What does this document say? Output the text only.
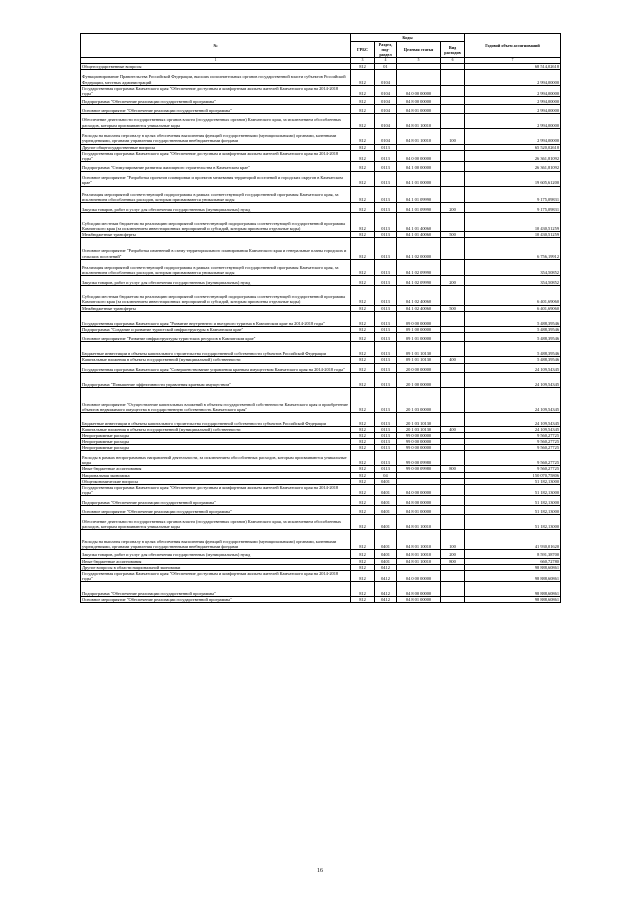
№	Коды				Годовой объем ассигнований
	ГРБС	Раздел, под-раздел	Целевая статья	Вид расходов	
1	3	4	5	6	7
Общегосударственные вопросы	812	01			68 514,02618
Функционирование Правительства Российской Федерации, высших исполнительных органов государственной власти субъектов Российской Федерации, местных администраций	812	0104			2 994,00000
Государственная программа Камчатского края "Обеспечение доступным и комфортным жильем жителей Камчатского края на 2014-2018 годы"	812	0104	04 0 00 00000		2 994,00000
Подпрограмма "Обеспечение реализации государственной программы"	812	0104	04 8 00 00000		2 994,00000
Основное мероприятие "Обеспечение реализации государственной программы"	812	0104	04 8 01 00000		2 994,00000
Обеспечение деятельности государственных органов власти (государственных органов) Камчатского края, за исключением обособленных расходов, которым присваиваются уникальные коды	812	0104	04 8 01 10010		2 994,00000
Расходы на выплаты персоналу в целях обеспечения выполнения функций государственными (муниципальными) органами, казенными учреждениями, органами управления государственными внебюджетными фондами	812	0104	04 8 01 10010	100	2 994,00000
Другие общегосударственные вопросы	812	0113			65 520,02618
Государственная программа Камчатского края "Обеспечение доступным и комфортным жильем жителей Камчатского края на 2014-2018 годы"	812	0113	04 0 00 00000		26 361,81092
Подпрограмма "Стимулирование развития жилищного строительства в Камчатском крае"	812	0113	04 1 00 00000		26 361,81092
Основное мероприятие "Разработка проектов планировки и проектов межевания территорий поселений и городских округов в Камчатском крае"	812	0113	04 1 01 00000		19 605,61200
Реализация мероприятий соответствующей подпрограммы в рамках соответствующей государственной программы Камчатского края, за исключением обособленных расходов, которым присваиваются уникальные коды	812	0113	04 1 01 09990		9 175,09831
Закупка товаров, работ и услуг для обеспечения государственных (муниципальных) нужд	812	0113	04 1 01 09990	200	9 175,09831
Субсидии местным бюджетам на реализацию мероприятий соответствующей подпрограммы соответствующей государственной программы Камчатского края (за исключением инвестиционных мероприятий и субсидий, которым присвоены отдельные коды)	812	0113	04 1 01 40060		10 430,51259
Межбюджетные трансферты	812	0113	04 1 01 40060	500	10 430,51259
Основное мероприятие "Разработка изменений в схему территориального планирования Камчатского края и генеральные планы городских и сельских поселений"	812	0113	04 1 02 00000		6 756,19912
Реализация мероприятий соответствующей подпрограммы в рамках соответствующей государственной программы Камчатского края, за исключением обособленных расходов, которым присваиваются уникальные коды	812	0113	04 1 02 09990		354,50852
Закупка товаров, работ и услуг для обеспечения государственных (муниципальных) нужд	812	0113	04 1 02 09990	200	354,50852
Субсидии местным бюджетам на реализацию мероприятий соответствующей подпрограммы соответствующей государственной программы Камчатского края (за исключением инвестиционных мероприятий и субсидий, которым присвоены отдельные коды)	812	0113	04 1 02 40060		6 401,69060
Межбюджетные трансферты	812	0113	04 1 02 40060	500	6 401,69060
Государственная программа Камчатского края "Развитие внутреннего и въездного туризма в Камчатском крае на 2014-2018 годы"	812	0113	09 0 00 00000		5 488,39546
Подпрограмма "Создание и развитие туристской инфраструктуры в Камчатском крае"	812	0113	09 1 00 00000		5 488,39546
Основное мероприятие "Развитие инфраструктуры туристских ресурсов в Камчатском крае"	812	0113	09 1 01 00000		5 488,39546
Бюджетные инвестиции в объекты капитального строительства государственной собственности субъектов Российской Федерации	812	0113	09 1 01 10130		5 488,39546
Капитальные вложения в объекты государственной (муниципальной) собственности	812	0113	09 1 01 10130	400	5 488,39546
Государственная программа Камчатского края "Совершенствование управления краевым имуществом Камчатского края на 2014-2018 годы"	812	0113	20 0 00 00000		24 109,54345
Подпрограмма "Повышение эффективности управления краевым имуществом"	812	0113	20 1 00 00000		24 109,54345
Основное мероприятие "Осуществление капитальных вложений в объекты государственной собственности Камчатского края и приобретение объектов недвижимого имущества в государственную собственность Камчатского края"	812	0113	20 1 03 00000		24 109,54345
Бюджетные инвестиции в объекты капитального строительства государственной собственности субъектов Российской Федерации	812	0113	20 1 03 10130		24 109,54345
Капитальные вложения в объекты государственной (муниципальной) собственности	812	0113	20 1 03 10130	400	24 109,54345
Непрограммные расходы	812	0113	99 0 00 00000		9 560,27725
Непрограммные расходы	812	0113	99 0 00 00000		9 560,27725
Непрограммные расходы	812	0113	99 0 00 00000		9 560,27725
Расходы в рамках непрограммных направлений деятельности, за исключением обособленных расходов, которым присваиваются уникальные коды	812	0113	99 0 00 09980		9 560,27725
Иные бюджетные ассигнования	812	0113	99 0 00 09980	800	9 560,27725
Национальная экономика	812	04			150 070,75806
Общеэкономические вопросы	812	0401			51 182,13000
Государственная программа Камчатского края "Обеспечение доступным и комфортным жильем жителей Камчатского края на 2014-2018 годы"	812	0401	04 0 00 00000		51 182,13000
Подпрограмма "Обеспечение реализации государственной программы"	812	0401	04 8 00 00000		51 182,13000
Основное мероприятие "Обеспечение реализации государственной программы"	812	0401	04 8 01 00000		51 182,13000
Обеспечение деятельности государственных органов власти (государственных органов) Камчатского края, за исключением обособленных расходов, которым присваиваются уникальные коды	812	0401	04 8 01 10010		51 182,13000
Расходы на выплаты персоналу в целях обеспечения выполнения функций государственными (муниципальными) органами, казенными учреждениями, органами управления государственными внебюджетными фондами	812	0401	04 8 01 10010	100	41 930,01620
Закупка товаров, работ и услуг для обеспечения государственных (муниципальных) нужд	812	0401	04 8 01 10010	200	8 591,38700
Иные бюджетные ассигнования	812	0401	04 8 01 10010	800	660,72780
Другие вопросы в области национальной экономики	812	0412			98 888,60861
Государственная программа Камчатского края "Обеспечение доступным и комфортным жильем жителей Камчатского края на 2014-2018 годы"	812	0412	04 0 00 00000		98 888,60861
Подпрограмма "Обеспечение реализации государственной программы"	812	0412	04 8 00 00000		98 888,60861
Основное мероприятие "Обеспечение реализации государственной программы"	812	0412	04 8 01 00000		98 888,60861
16
